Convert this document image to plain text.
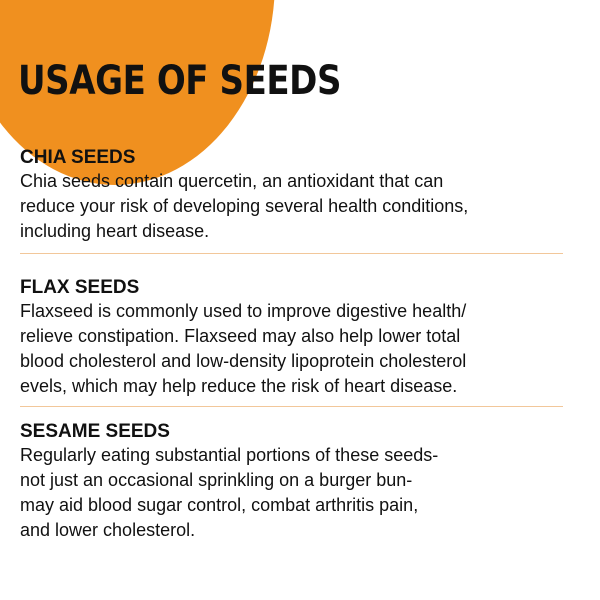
USAGE OF SEEDS
CHIA SEEDS

Chia seeds contain quercetin, an antioxidant that can
reduce your risk of developing several health conditions,
including heart disease.

FLAX SEEDS

Flaxseed is commonly used to improve digestive health/
relieve constipation. Flaxseed may also help lower total
blood cholesterol and low-density lipoprotein cholesterol
evels, which may help reduce the risk of heart disease.

SESAME SEEDS

Regularly eating substantial portions of these seeds-
not just an occasional sprinkling on a burger bun-
may aid blood sugar control, combat arthritis pain,
and lower cholesterol.
